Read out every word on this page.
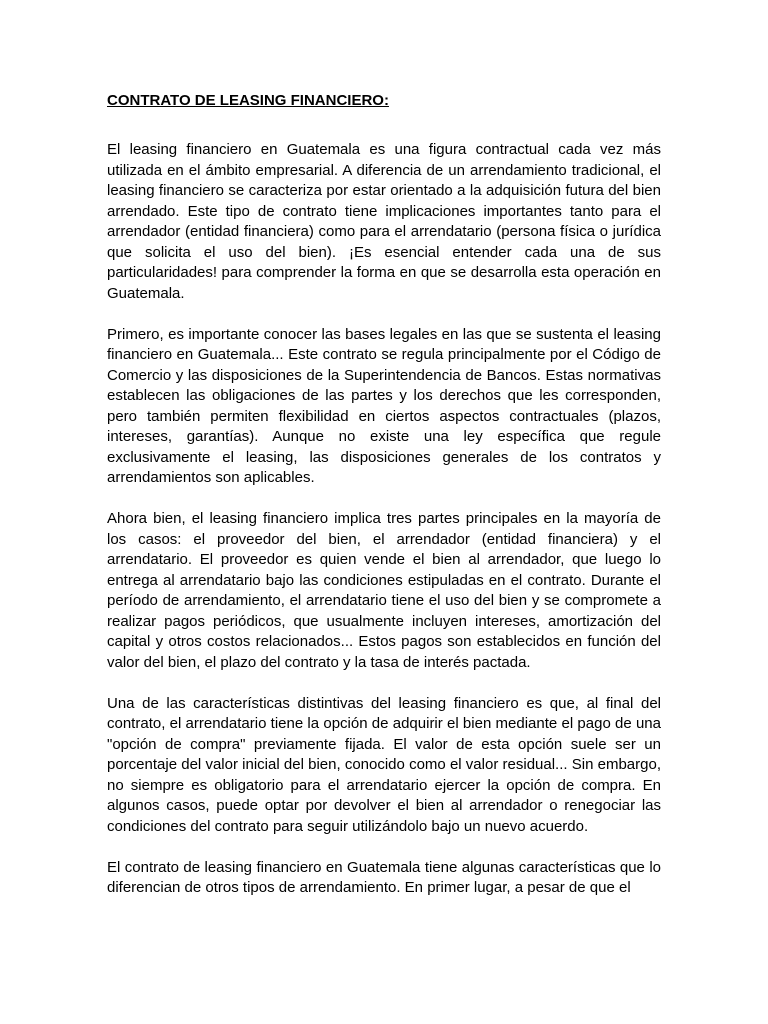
CONTRATO DE LEASING FINANCIERO:

El leasing financiero en Guatemala es una figura contractual cada vez más utilizada en el ámbito empresarial. A diferencia de un arrendamiento tradicional, el leasing financiero se caracteriza por estar orientado a la adquisición futura del bien arrendado. Este tipo de contrato tiene implicaciones importantes tanto para el arrendador (entidad financiera) como para el arrendatario (persona física o jurídica que solicita el uso del bien). ¡Es esencial entender cada una de sus particularidades! para comprender la forma en que se desarrolla esta operación en Guatemala.

Primero, es importante conocer las bases legales en las que se sustenta el leasing financiero en Guatemala... Este contrato se regula principalmente por el Código de Comercio y las disposiciones de la Superintendencia de Bancos. Estas normativas establecen las obligaciones de las partes y los derechos que les corresponden, pero también permiten flexibilidad en ciertos aspectos contractuales (plazos, intereses, garantías). Aunque no existe una ley específica que regule exclusivamente el leasing, las disposiciones generales de los contratos y arrendamientos son aplicables.

Ahora bien, el leasing financiero implica tres partes principales en la mayoría de los casos: el proveedor del bien, el arrendador (entidad financiera) y el arrendatario. El proveedor es quien vende el bien al arrendador, que luego lo entrega al arrendatario bajo las condiciones estipuladas en el contrato. Durante el período de arrendamiento, el arrendatario tiene el uso del bien y se compromete a realizar pagos periódicos, que usualmente incluyen intereses, amortización del capital y otros costos relacionados... Estos pagos son establecidos en función del valor del bien, el plazo del contrato y la tasa de interés pactada.

Una de las características distintivas del leasing financiero es que, al final del contrato, el arrendatario tiene la opción de adquirir el bien mediante el pago de una "opción de compra" previamente fijada. El valor de esta opción suele ser un porcentaje del valor inicial del bien, conocido como el valor residual... Sin embargo, no siempre es obligatorio para el arrendatario ejercer la opción de compra. En algunos casos, puede optar por devolver el bien al arrendador o renegociar las condiciones del contrato para seguir utilizándolo bajo un nuevo acuerdo.

El contrato de leasing financiero en Guatemala tiene algunas características que lo diferencian de otros tipos de arrendamiento. En primer lugar, a pesar de que el
